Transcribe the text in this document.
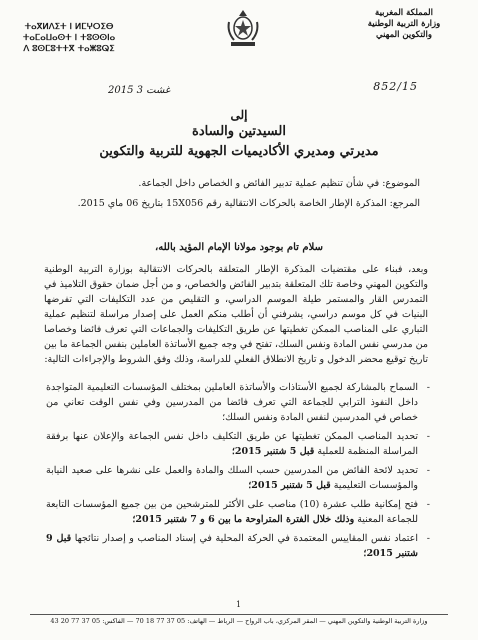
المملكة المغربية
وزارة التربية الوطنية
والتكوين المهني
ⵜⴰⴳⵍⴷⵉⵜ ⵏ ⵍⵎⵖⵔⵉⴱ
ⵜⴰⵎⴰⵡⴰⵙⵜ ⵏ ⵜⵓⵙⵙⵏⴰ
ⴷ ⵓⵙⵎⵓⵜⵜⴳ ⵜⴰⵥⵓⵕⵉ
852/15
2015 3 غشت
إلى
السيدتين والسادة
مديرتي ومديري الأكاديميات الجهوية للتربية والتكوين
الموضوع: في شأن تنظيم عملية تدبير الفائض و الخصاص داخل الجماعة.
المرجع: المذكرة الإطار الخاصة بالحركات الانتقالية رقم 15X056 بتاريخ 06 ماي 2015.
سلام تام بوجود مولانا الإمام المؤيد بالله،
وبعد، فبناء على مقتضيات المذكرة الإطار المتعلقة بالحركات الانتقالية بوزارة التربية الوطنية والتكوين المهني وخاصة تلك المتعلقة بتدبير الفائض والخصاص، و من أجل ضمان حقوق التلاميذ في التمدرس القار والمستمر طيلة الموسم الدراسي، و التقليص من عدد التكليفات التي تفرضها البنيات في كل موسم دراسي، يشرفني أن أطلب منكم العمل على إصدار مراسلة لتنظيم عملية التباري على المناصب الممكن تغطيتها عن طريق التكليفات والجماعات التي تعرف فائضا وخصاصا من مدرسي نفس المادة ونفس السلك، تفتح في وجه جميع الأساتذة العاملين بنفس الجماعة ما بين تاريخ توقيع محضر الدخول و تاريخ الانطلاق الفعلي للدراسة، وذلك وفق الشروط والإجراءات التالية:
- السماح بالمشاركة لجميع الأستاذات والأساتذة العاملين بمختلف المؤسسات التعليمية المتواجدة داخل النفوذ الترابي للجماعة التي تعرف فائضا من المدرسين وفي نفس الوقت تعاني من خصاص في المدرسين لنفس المادة ونفس السلك؛
- تحديد المناصب الممكن تغطيتها عن طريق التكليف داخل نفس الجماعة والإعلان عنها برفقة المراسلة المنظمة للعملية قبل 5 شتنبر 2015؛
- تحديد لائحة الفائض من المدرسين حسب السلك والمادة والعمل على نشرها على صعيد النيابة والمؤسسات التعليمية قبل 5 شتنبر 2015؛
- فتح إمكانية طلب عشرة (10) مناصب على الأكثر للمترشحين من بين جميع المؤسسات التابعة للجماعة المعنية وذلك خلال الفترة المتراوحة ما بين 6 و 7 شتنبر 2015؛
- اعتماد نفس المقاييس المعتمدة في الحركة المحلية في إسناد المناصب و إصدار نتائجها قبل 9 شتنبر 2015؛
1
وزارة التربية الوطنية والتكوين المهني — المقر المركزي، باب الرواح — الرباط — الهاتف: 05 37 77 18 70 — الفاكس: 05 37 77 20 43
